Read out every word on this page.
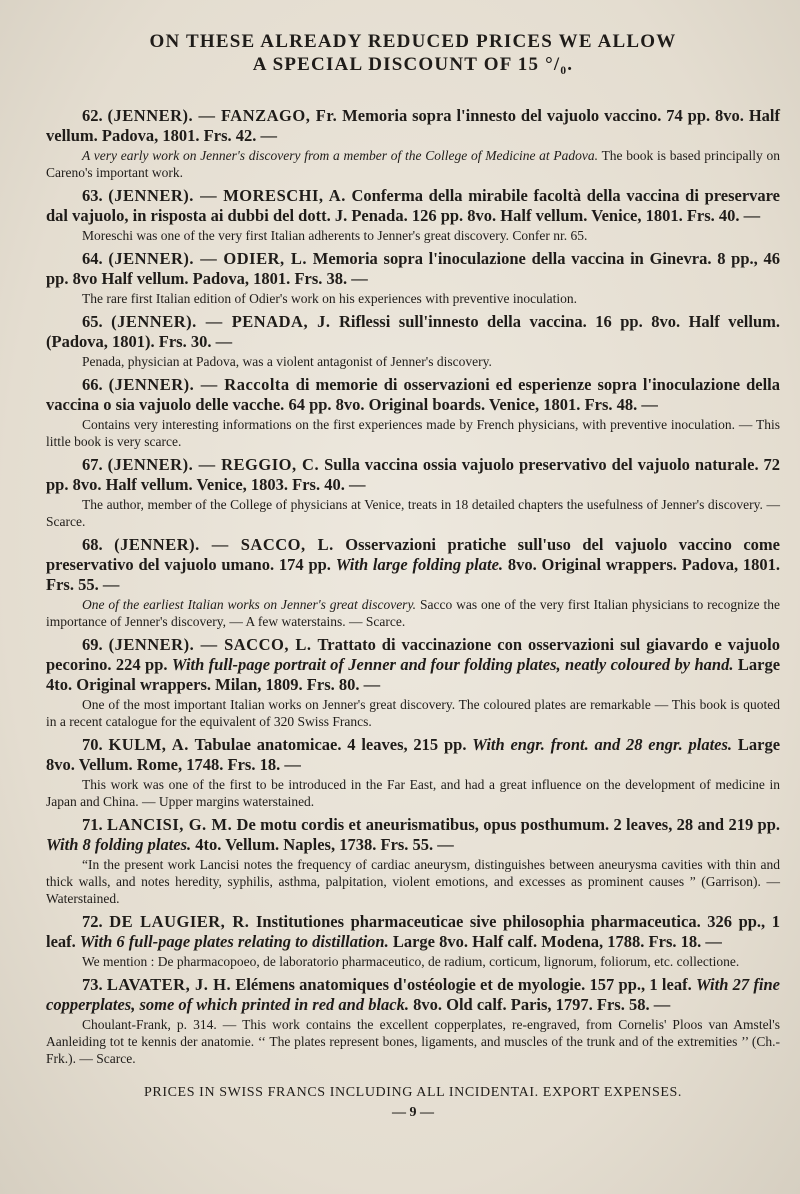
ON THESE ALREADY REDUCED PRICES WE ALLOW
A SPECIAL DISCOUNT OF 15 °/₀.

62. (JENNER). — FANZAGO, Fr. Memoria sopra l'innesto del vajuolo vaccino. 74 pp. 8vo. Half vellum. Padova, 1801. Frs. 42. —

A very early work on Jenner's discovery from a member of the College of Medicine at Padova. The book is based principally on Careno's important work.

63. (JENNER). — MORESCHI, A. Conferma della mirabile facoltà della vaccina di preservare dal vajuolo, in risposta ai dubbi del dott. J. Penada. 126 pp. 8vo. Half vellum. Venice, 1801. Frs. 40. —

Moreschi was one of the very first Italian adherents to Jenner's great discovery. Confer nr. 65.

64. (JENNER). — ODIER, L. Memoria sopra l'inoculazione della vaccina in Ginevra. 8 pp., 46 pp. 8vo Half vellum. Padova, 1801. Frs. 38. —

The rare first Italian edition of Odier's work on his experiences with preventive inoculation.

65. (JENNER). — PENADA, J. Riflessi sull'innesto della vaccina. 16 pp. 8vo. Half vellum. (Padova, 1801). Frs. 30. —

Penada, physician at Padova, was a violent antagonist of Jenner's discovery.

66. (JENNER). — Raccolta di memorie di osservazioni ed esperienze sopra l'inoculazione della vaccina o sia vajuolo delle vacche. 64 pp. 8vo. Original boards. Venice, 1801. Frs. 48. —

Contains very interesting informations on the first experiences made by French physicians, with preventive inoculation. — This little book is very scarce.

67. (JENNER). — REGGIO, C. Sulla vaccina ossia vajuolo preservativo del vajuolo naturale. 72 pp. 8vo. Half vellum. Venice, 1803. Frs. 40. —

The author, member of the College of physicians at Venice, treats in 18 detailed chapters the usefulness of Jenner's discovery. — Scarce.

68. (JENNER). — SACCO, L. Osservazioni pratiche sull'uso del vajuolo vaccino come preservativo del vajuolo umano. 174 pp. With large folding plate. 8vo. Original wrappers. Padova, 1801. Frs. 55. —

One of the earliest Italian works on Jenner's great discovery. Sacco was one of the very first Italian physicians to recognize the importance of Jenner's discovery, — A few waterstains. — Scarce.

69. (JENNER). — SACCO, L. Trattato di vaccinazione con osservazioni sul giavardo e vajuolo pecorino. 224 pp. With full-page portrait of Jenner and four folding plates, neatly coloured by hand. Large 4to. Original wrappers. Milan, 1809. Frs. 80. —

One of the most important Italian works on Jenner's great discovery. The coloured plates are remarkable — This book is quoted in a recent catalogue for the equivalent of 320 Swiss Francs.

70. KULM, A. Tabulae anatomicae. 4 leaves, 215 pp. With engr. front. and 28 engr. plates. Large 8vo. Vellum. Rome, 1748. Frs. 18. —

This work was one of the first to be introduced in the Far East, and had a great influence on the development of medicine in Japan and China. — Upper margins waterstained.

71. LANCISI, G. M. De motu cordis et aneurismatibus, opus posthumum. 2 leaves, 28 and 219 pp. With 8 folding plates. 4to. Vellum. Naples, 1738. Frs. 55. —

“In the present work Lancisi notes the frequency of cardiac aneurysm, distinguishes between aneurysma cavities with thin and thick walls, and notes heredity, syphilis, asthma, palpitation, violent emotions, and excesses as prominent causes ” (Garrison). — Waterstained.

72. DE LAUGIER, R. Institutiones pharmaceuticae sive philosophia pharmaceutica. 326 pp., 1 leaf. With 6 full-page plates relating to distillation. Large 8vo. Half calf. Modena, 1788. Frs. 18. —

We mention : De pharmacopoeo, de laboratorio pharmaceutico, de radium, corticum, lignorum, foliorum, etc. collectione.

73. LAVATER, J. H. Elémens anatomiques d'ostéologie et de myologie. 157 pp., 1 leaf. With 27 fine copperplates, some of which printed in red and black. 8vo. Old calf. Paris, 1797. Frs. 58. —

Choulant-Frank, p. 314. — This work contains the excellent copperplates, re-engraved, from Cornelis' Ploos van Amstel's Aanleiding tot te kennis der anatomie. ‘‘ The plates represent bones, ligaments, and muscles of the trunk and of the extremities ’’ (Ch.-Frk.). — Scarce.

PRICES IN SWISS FRANCS INCLUDING ALL INCIDENTAI. EXPORT EXPENSES.
— 9 —
